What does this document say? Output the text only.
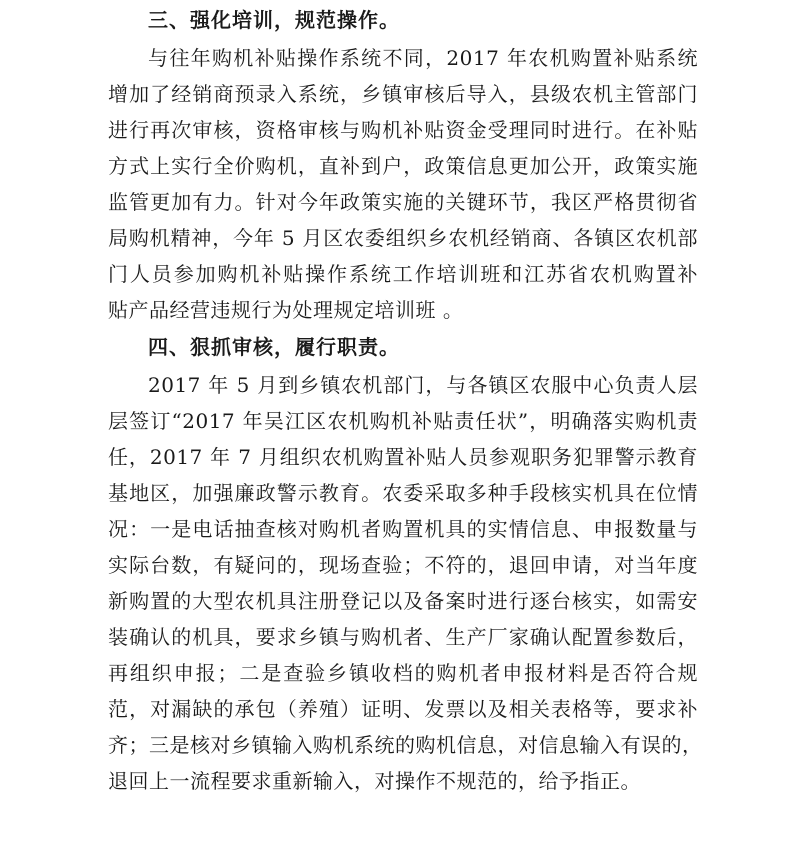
三、强化培训，规范操作。
与往年购机补贴操作系统不同，2017 年农机购置补贴系统
增加了经销商预录入系统，乡镇审核后导入，县级农机主管部门
进行再次审核，资格审核与购机补贴资金受理同时进行。在补贴
方式上实行全价购机，直补到户，政策信息更加公开，政策实施
监管更加有力。针对今年政策实施的关键环节，我区严格贯彻省
局购机精神，今年 5 月区农委组织乡农机经销商、各镇区农机部
门人员参加购机补贴操作系统工作培训班和江苏省农机购置补
贴产品经营违规行为处理规定培训班 。
四、狠抓审核，履行职责。
2017 年 5 月到乡镇农机部门，与各镇区农服中心负责人层
层签订“2017 年吴江区农机购机补贴责任状”，明确落实购机责
任，2017 年 7 月组织农机购置补贴人员参观职务犯罪警示教育
基地区，加强廉政警示教育。农委采取多种手段核实机具在位情
况：一是电话抽查核对购机者购置机具的实情信息、申报数量与
实际台数，有疑问的，现场查验；不符的，退回申请，对当年度
新购置的大型农机具注册登记以及备案时进行逐台核实，如需安
装确认的机具，要求乡镇与购机者、生产厂家确认配置参数后，
再组织申报；二是查验乡镇收档的购机者申报材料是否符合规
范，对漏缺的承包（养殖）证明、发票以及相关表格等，要求补
齐；三是核对乡镇输入购机系统的购机信息，对信息输入有误的，
退回上一流程要求重新输入，对操作不规范的，给予指正。
